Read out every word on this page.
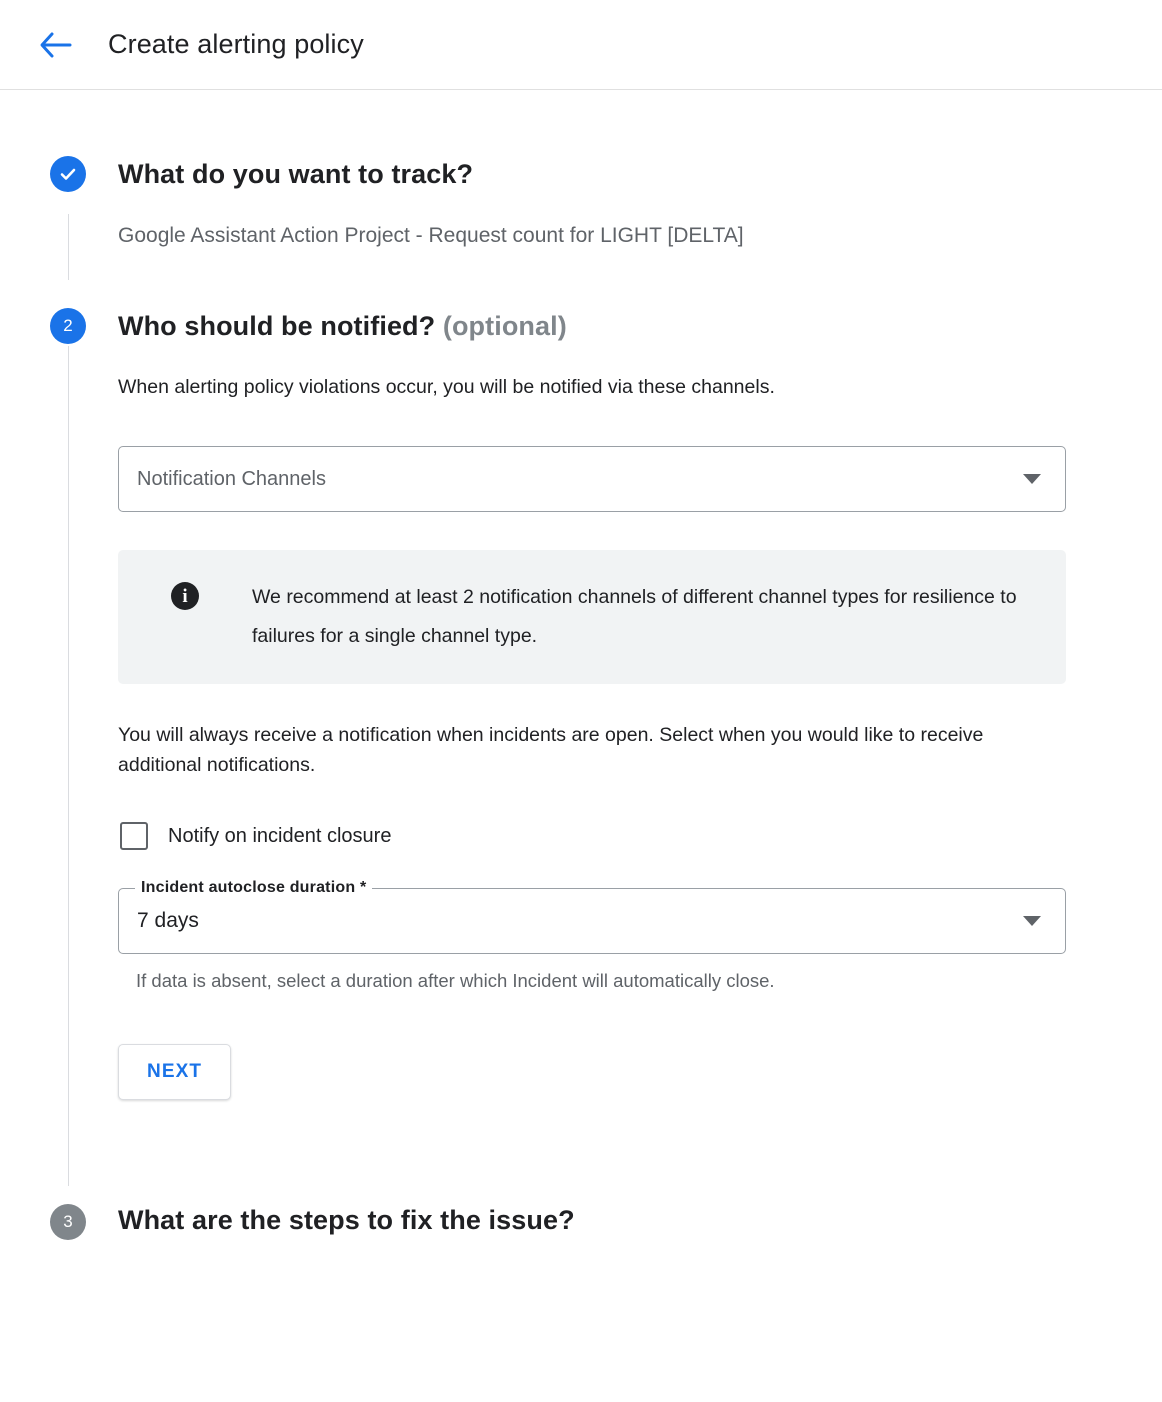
Create alerting policy
What do you want to track?
Google Assistant Action Project - Request count for LIGHT [DELTA]
2	Who should be notified? (optional)
When alerting policy violations occur, you will be notified via these channels.
Notification Channels
i	We recommend at least 2 notification channels of different channel types for resilience to failures for a single channel type.
You will always receive a notification when incidents are open. Select when you would like to receive additional notifications.
Notify on incident closure
Incident autoclose duration *
7 days
If data is absent, select a duration after which Incident will automatically close.
NEXT
3	What are the steps to fix the issue?
